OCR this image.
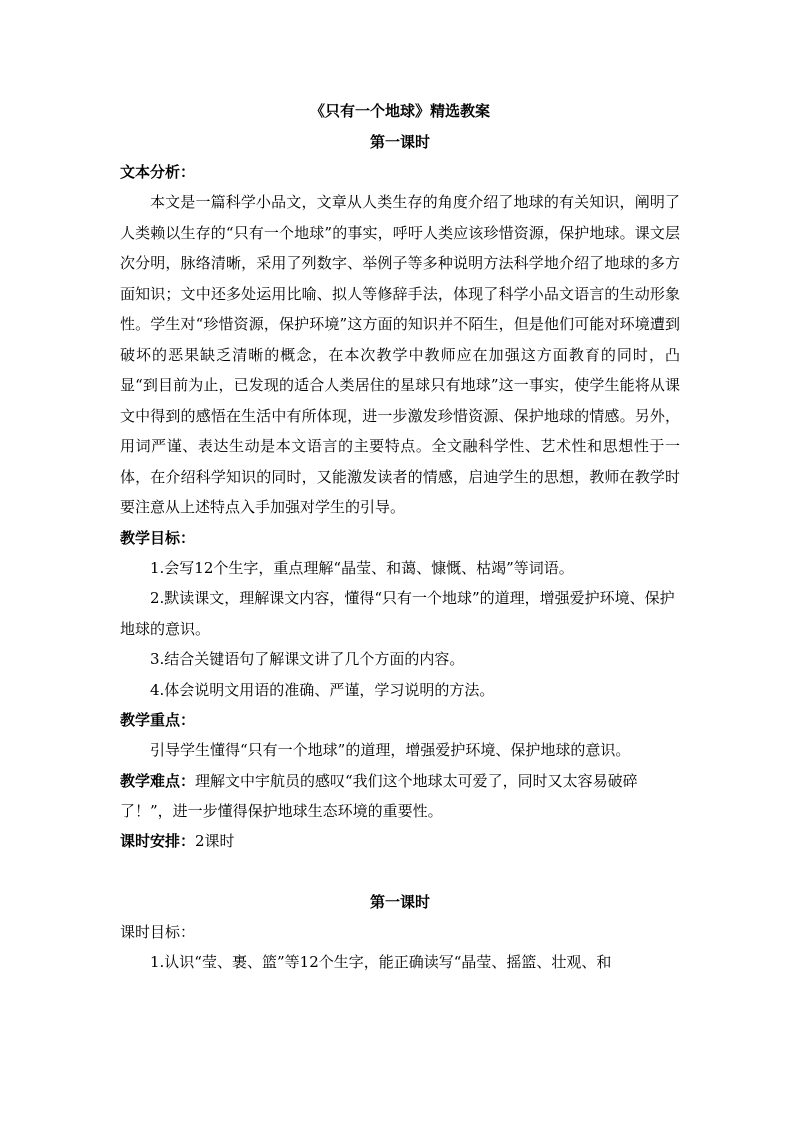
《只有一个地球》精选教案
第一课时
文本分析：

本文是一篇科学小品文，文章从人类生存的角度介绍了地球的有关知识，阐明了人类赖以生存的“只有一个地球”的事实，呼吁人类应该珍惜资源，保护地球。课文层次分明，脉络清晰，采用了列数字、举例子等多种说明方法科学地介绍了地球的多方面知识；文中还多处运用比喻、拟人等修辞手法，体现了科学小品文语言的生动形象性。学生对“珍惜资源，保护环境”这方面的知识并不陌生，但是他们可能对环境遭到破坏的恶果缺乏清晰的概念，在本次教学中教师应在加强这方面教育的同时，凸显“到目前为止，已发现的适合人类居住的星球只有地球”这一事实，使学生能将从课文中得到的感悟在生活中有所体现，进一步激发珍惜资源、保护地球的情感。另外，用词严谨、表达生动是本文语言的主要特点。全文融科学性、艺术性和思想性于一体，在介绍科学知识的同时，又能激发读者的情感，启迪学生的思想，教师在教学时要注意从上述特点入手加强对学生的引导。

教学目标：

1.会写12个生字，重点理解“晶莹、和蔼、慷慨、枯竭”等词语。

2.默读课文，理解课文内容，懂得“只有一个地球”的道理，增强爱护环境、保护地球的意识。

3.结合关键语句了解课文讲了几个方面的内容。

4.体会说明文用语的准确、严谨，学习说明的方法。

教学重点：

引导学生懂得“只有一个地球”的道理，增强爱护环境、保护地球的意识。

教学难点：理解文中宇航员的感叹“我们这个地球太可爱了，同时又太容易破碎了！”，进一步懂得保护地球生态环境的重要性。

课时安排：2课时

第一课时
课时目标：

1.认识“莹、裹、篮”等12个生字，能正确读写“晶莹、摇篮、壮观、和
